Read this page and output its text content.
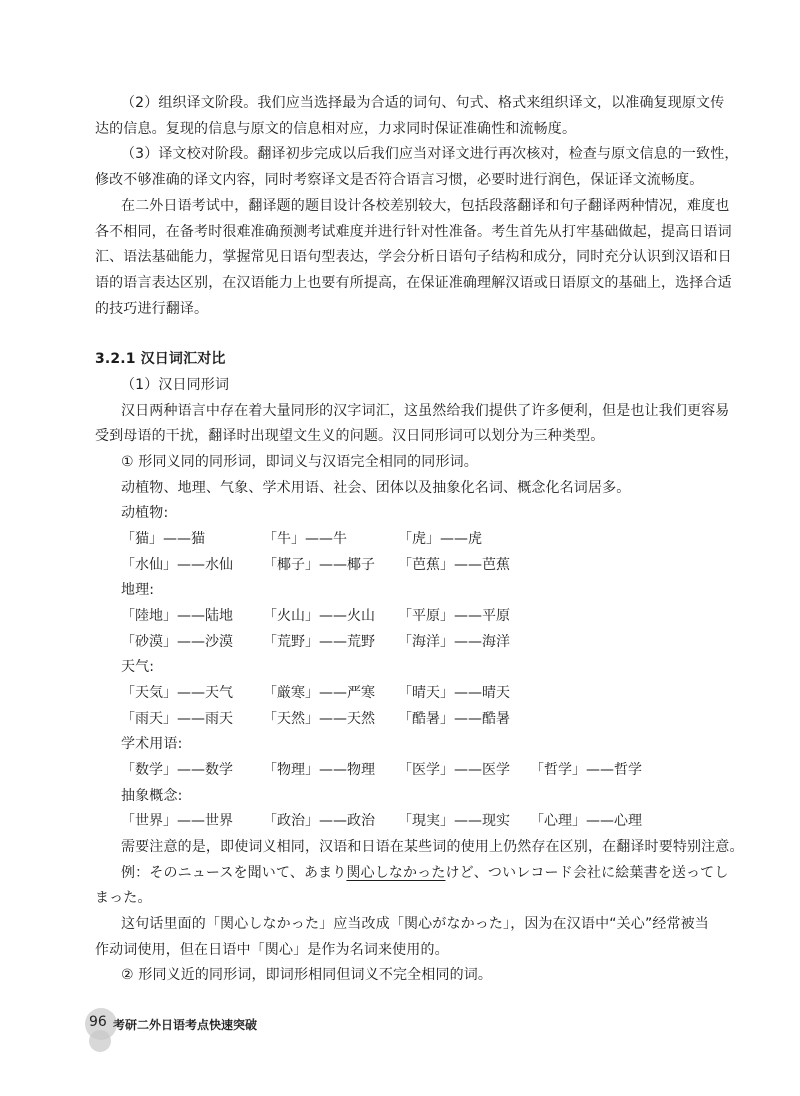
（2）组织译文阶段。我们应当选择最为合适的词句、句式、格式来组织译文，以准确复现原文传
达的信息。复现的信息与原文的信息相对应，力求同时保证准确性和流畅度。
（3）译文校对阶段。翻译初步完成以后我们应当对译文进行再次核对，检查与原文信息的一致性，
修改不够准确的译文内容，同时考察译文是否符合语言习惯，必要时进行润色，保证译文流畅度。
在二外日语考试中，翻译题的题目设计各校差别较大，包括段落翻译和句子翻译两种情况，难度也
各不相同，在备考时很难准确预测考试难度并进行针对性准备。考生首先从打牢基础做起，提高日语词
汇、语法基础能力，掌握常见日语句型表达，学会分析日语句子结构和成分，同时充分认识到汉语和日
语的语言表达区别，在汉语能力上也要有所提高，在保证准确理解汉语或日语原文的基础上，选择合适
的技巧进行翻译。
3.2.1 汉日词汇对比
（1）汉日同形词
汉日两种语言中存在着大量同形的汉字词汇，这虽然给我们提供了许多便利，但是也让我们更容易
受到母语的干扰，翻译时出现望文生义的问题。汉日同形词可以划分为三种类型。
① 形同义同的同形词，即词义与汉语完全相同的同形词。
动植物、地理、气象、学术用语、社会、团体以及抽象化名词、概念化名词居多。
动植物:
「猫」——猫	「牛」——牛	「虎」——虎
「水仙」——水仙 「椰子」——椰子 「芭蕉」——芭蕉
地理:
「陸地」——陆地 「火山」——火山 「平原」——平原
「砂漠」——沙漠 「荒野」——荒野 「海洋」——海洋
天气:
「天気」——天气 「厳寒」——严寒 「晴天」——晴天
「雨天」——雨天 「天然」——天然 「酷暑」——酷暑
学术用语:
「数学」——数学 「物理」——物理 「医学」——医学 「哲学」——哲学
抽象概念:
「世界」——世界 「政治」——政治 「現実」——现实 「心理」——心理
需要注意的是，即使词义相同，汉语和日语在某些词的使用上仍然存在区别，在翻译时要特别注意。
例：そのニュースを聞いて、あまり関心しなかったけど、ついレコード会社に絵葉書を送ってし
まった。
这句话里面的「関心しなかった」应当改成「関心がなかった」，因为在汉语中“关心”经常被当
作动词使用，但在日语中「関心」是作为名词来使用的。
② 形同义近的同形词，即词形相同但词义不完全相同的词。
96 考研二外日语考点快速突破
